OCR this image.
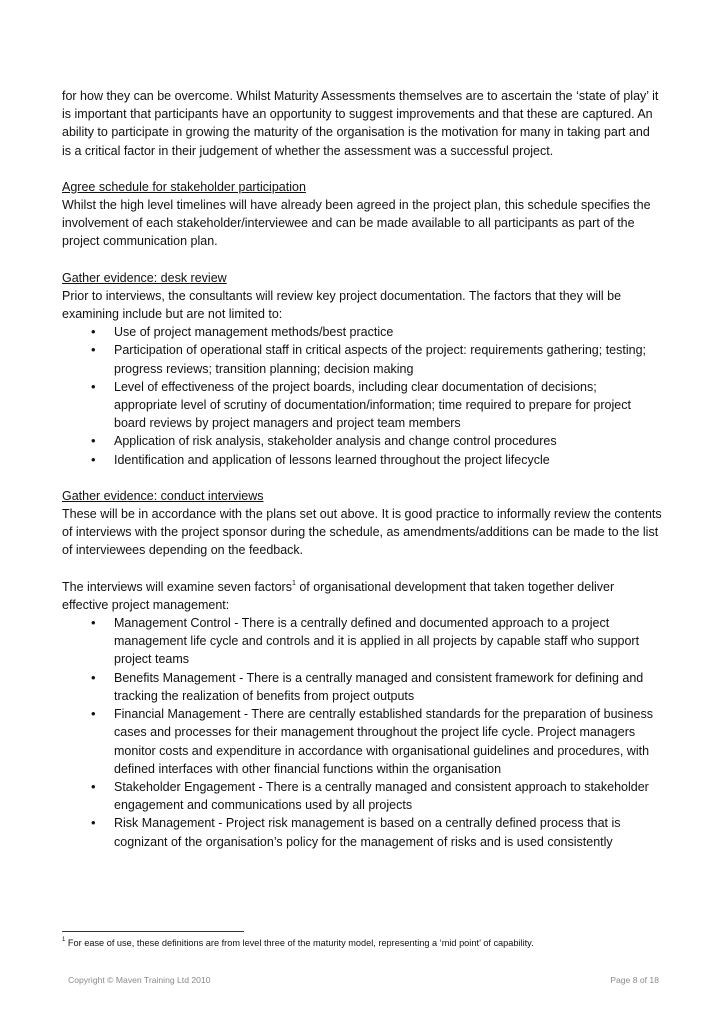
for how they can be overcome. Whilst Maturity Assessments themselves are to ascertain the ‘state of play’ it is important that participants have an opportunity to suggest improvements and that these are captured. An ability to participate in growing the maturity of the organisation is the motivation for many in taking part and is a critical factor in their judgement of whether the assessment was a successful project.

Agree schedule for stakeholder participation

Whilst the high level timelines will have already been agreed in the project plan, this schedule specifies the involvement of each stakeholder/interviewee and can be made available to all participants as part of the project communication plan.

Gather evidence: desk review

Prior to interviews, the consultants will review key project documentation. The factors that they will be examining include but are not limited to:

• Use of project management methods/best practice
• Participation of operational staff in critical aspects of the project: requirements gathering; testing; progress reviews; transition planning; decision making
• Level of effectiveness of the project boards, including clear documentation of decisions; appropriate level of scrutiny of documentation/information; time required to prepare for project board reviews by project managers and project team members
• Application of risk analysis, stakeholder analysis and change control procedures
• Identification and application of lessons learned throughout the project lifecycle

Gather evidence: conduct interviews

These will be in accordance with the plans set out above. It is good practice to informally review the contents of interviews with the project sponsor during the schedule, as amendments/additions can be made to the list of interviewees depending on the feedback.

The interviews will examine seven factors$^1$ of organisational development that taken together deliver effective project management:

• Management Control - There is a centrally defined and documented approach to a project management life cycle and controls and it is applied in all projects by capable staff who support project teams
• Benefits Management - There is a centrally managed and consistent framework for defining and tracking the realization of benefits from project outputs
• Financial Management - There are centrally established standards for the preparation of business cases and processes for their management throughout the project life cycle. Project managers monitor costs and expenditure in accordance with organisational guidelines and procedures, with defined interfaces with other financial functions within the organisation
• Stakeholder Engagement - There is a centrally managed and consistent approach to stakeholder engagement and communications used by all projects
• Risk Management - Project risk management is based on a centrally defined process that is cognizant of the organisation’s policy for the management of risks and is used consistently

$^1$ For ease of use, these definitions are from level three of the maturity model, representing a ‘mid point’ of capability.

Copyright © Maven Training Ltd 2010	Page 8 of 18
